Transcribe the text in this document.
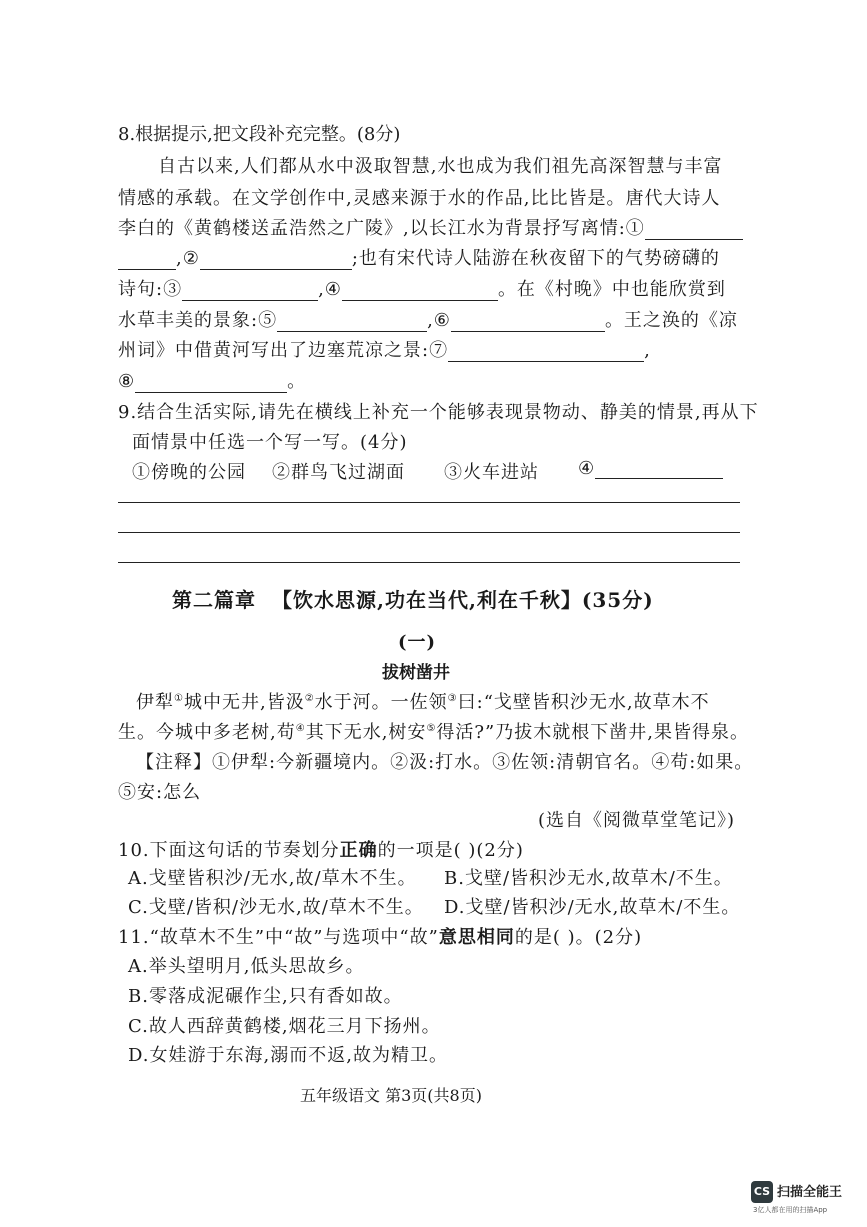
8.根据提示,把文段补充完整。(8分)
自古以来,人们都从水中汲取智慧,水也成为我们祖先高深智慧与丰富
情感的承载。在文学创作中,灵感来源于水的作品,比比皆是。唐代大诗人
李白的《黄鹤楼送孟浩然之广陵》,以长江水为背景抒写离情:①
,②	;也有宋代诗人陆游在秋夜留下的气势磅礴的
诗句:③	,④	。在《村晚》中也能欣赏到
水草丰美的景象:⑤	,⑥	。王之涣的《凉
州词》中借黄河写出了边塞荒凉之景:⑦	,
⑧	。
9.结合生活实际,请先在横线上补充一个能够表现景物动、静美的情景,再从下
面情景中任选一个写一写。(4分)
①傍晚的公园 ②群鸟飞过湖面 ③火车进站 ④
第二篇章 【饮水思源,功在当代,利在千秋】(35分)
(一)
拔树凿井
伊犁①城中无井,皆汲②水于河。一佐领③曰:“戈壁皆积沙无水,故草木不
生。今城中多老树,苟④其下无水,树安⑤得活?”乃拔木就根下凿井,果皆得泉。
【注释】①伊犁:今新疆境内。②汲:打水。③佐领:清朝官名。④苟:如果。
⑤安:怎么
(选自《阅微草堂笔记》)
10.下面这句话的节奏划分正确的一项是( )(2分)
A.戈壁皆积沙/无水,故/草木不生。 B.戈壁/皆积沙无水,故草木/不生。
C.戈壁/皆积/沙无水,故/草木不生。 D.戈壁/皆积沙/无水,故草木/不生。
11.“故草木不生”中“故”与选项中“故”意思相同的是( )。(2分)
A.举头望明月,低头思故乡。
B.零落成泥碾作尘,只有香如故。
C.故人西辞黄鹤楼,烟花三月下扬州。
D.女娃游于东海,溺而不返,故为精卫。
五年级语文 第3页(共8页)
CS 扫描全能王
3亿人都在用的扫描App
